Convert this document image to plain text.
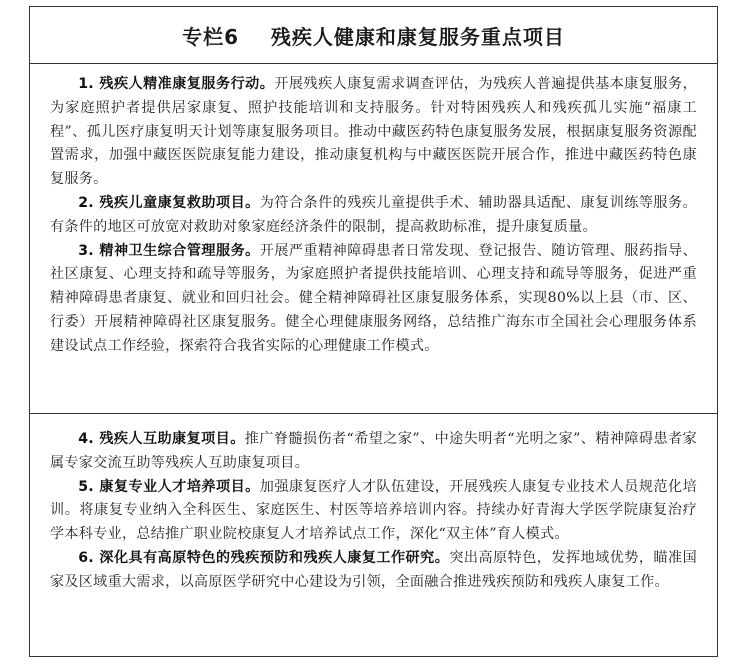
专栏6 残疾人健康和康复服务重点项目

1. 残疾人精准康复服务行动。开展残疾人康复需求调查评估，为残疾人普遍提供基本康复服务，为家庭照护者提供居家康复、照护技能培训和支持服务。针对特困残疾人和残疾孤儿实施“福康工程”、孤儿医疗康复明天计划等康复服务项目。推动中藏医药特色康复服务发展，根据康复服务资源配置需求，加强中藏医医院康复能力建设，推动康复机构与中藏医医院开展合作，推进中藏医药特色康复服务。

2. 残疾儿童康复救助项目。为符合条件的残疾儿童提供手术、辅助器具适配、康复训练等服务。有条件的地区可放宽对救助对象家庭经济条件的限制，提高救助标准，提升康复质量。

3. 精神卫生综合管理服务。开展严重精神障碍患者日常发现、登记报告、随访管理、服药指导、社区康复、心理支持和疏导等服务，为家庭照护者提供技能培训、心理支持和疏导等服务，促进严重精神障碍患者康复、就业和回归社会。健全精神障碍社区康复服务体系，实现80%以上县（市、区、行委）开展精神障碍社区康复服务。健全心理健康服务网络，总结推广海东市全国社会心理服务体系建设试点工作经验，探索符合我省实际的心理健康工作模式。

4. 残疾人互助康复项目。推广脊髓损伤者“希望之家”、中途失明者“光明之家”、精神障碍患者家属专家交流互助等残疾人互助康复项目。

5. 康复专业人才培养项目。加强康复医疗人才队伍建设，开展残疾人康复专业技术人员规范化培训。将康复专业纳入全科医生、家庭医生、村医等培养培训内容。持续办好青海大学医学院康复治疗学本科专业，总结推广职业院校康复人才培养试点工作，深化“双主体”育人模式。

6. 深化具有高原特色的残疾预防和残疾人康复工作研究。突出高原特色，发挥地域优势，瞄准国家及区域重大需求，以高原医学研究中心建设为引领，全面融合推进残疾预防和残疾人康复工作。
